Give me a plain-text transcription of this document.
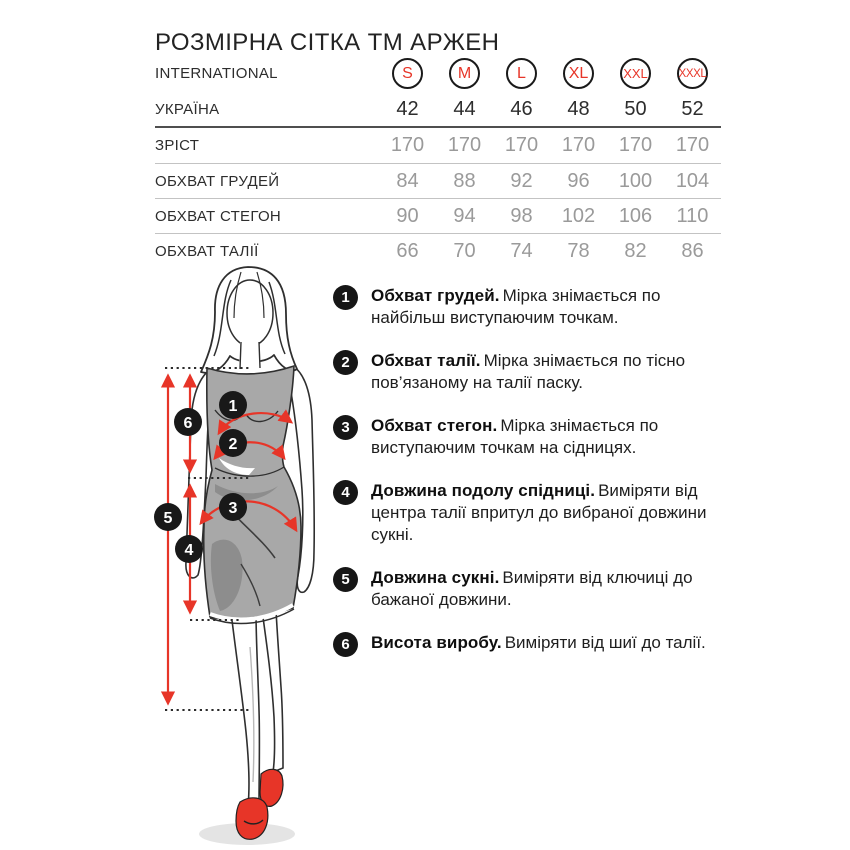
РОЗМІРНА СІТКА ТМ АРЖЕН
INTERNATIONAL	S	M	L	XL	XXL	XXXL
УКРАЇНА	42	44	46	48	50	52
ЗРІСТ	170	170	170	170	170	170
ОБХВАТ ГРУДЕЙ	84	88	92	96	100	104
ОБХВАТ СТЕГОН	90	94	98	102	106	110
ОБХВАТ ТАЛІЇ	66	70	74	78	82	86
1
2
3
4
5
6
1	Обхват грудей. Мірка знімається по найбільш виступаючим точкам.

2	Обхват талії. Мірка знімається по тісно пов’язаному на талії паску.

3	Обхват стегон. Мірка знімається по виступаючим точкам на сідницях.

4	Довжина подолу спідниці. Виміряти від центра талії впритул до вибраної довжини сукні.

5	Довжина сукні. Виміряти від ключиці до бажаної довжини.

6	Висота виробу. Виміряти від шиї до талії.
